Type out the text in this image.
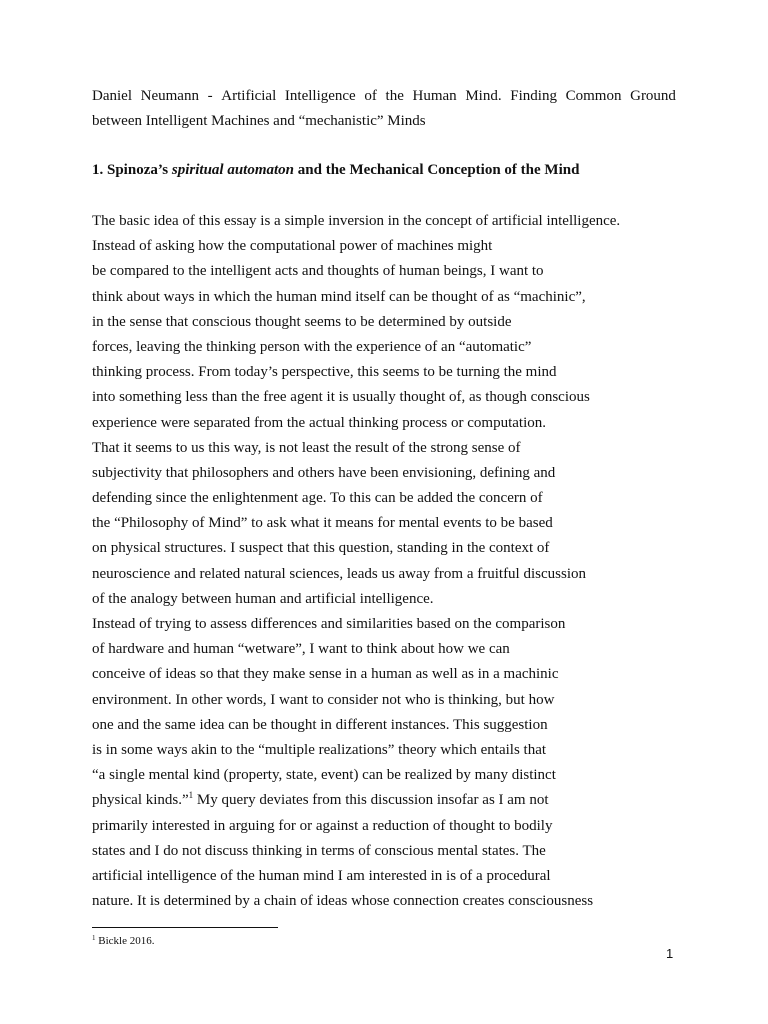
Daniel Neumann - Artificial Intelligence of the Human Mind. Finding Common Ground
between Intelligent Machines and “mechanistic” Minds
1. Spinoza’s spiritual automaton and the Mechanical Conception of the Mind
The basic idea of this essay is a simple inversion in the concept of artificial intelligence.
Instead of asking how the computational power of machines might
be compared to the intelligent acts and thoughts of human beings, I want to
think about ways in which the human mind itself can be thought of as “machinic”,
in the sense that conscious thought seems to be determined by outside
forces, leaving the thinking person with the experience of an “automatic”
thinking process. From today’s perspective, this seems to be turning the mind
into something less than the free agent it is usually thought of, as though conscious
experience were separated from the actual thinking process or computation.
That it seems to us this way, is not least the result of the strong sense of
subjectivity that philosophers and others have been envisioning, defining and
defending since the enlightenment age. To this can be added the concern of
the “Philosophy of Mind” to ask what it means for mental events to be based
on physical structures. I suspect that this question, standing in the context of
neuroscience and related natural sciences, leads us away from a fruitful discussion
of the analogy between human and artificial intelligence.
Instead of trying to assess differences and similarities based on the comparison
of hardware and human “wetware”, I want to think about how we can
conceive of ideas so that they make sense in a human as well as in a machinic
environment. In other words, I want to consider not who is thinking, but how
one and the same idea can be thought in different instances. This suggestion
is in some ways akin to the “multiple realizations” theory which entails that
“a single mental kind (property, state, event) can be realized by many distinct
physical kinds.”$^1$ My query deviates from this discussion insofar as I am not
primarily interested in arguing for or against a reduction of thought to bodily
states and I do not discuss thinking in terms of conscious mental states. The
artificial intelligence of the human mind I am interested in is of a procedural
nature. It is determined by a chain of ideas whose connection creates consciousness
$^1$ Bickle 2016.
1
